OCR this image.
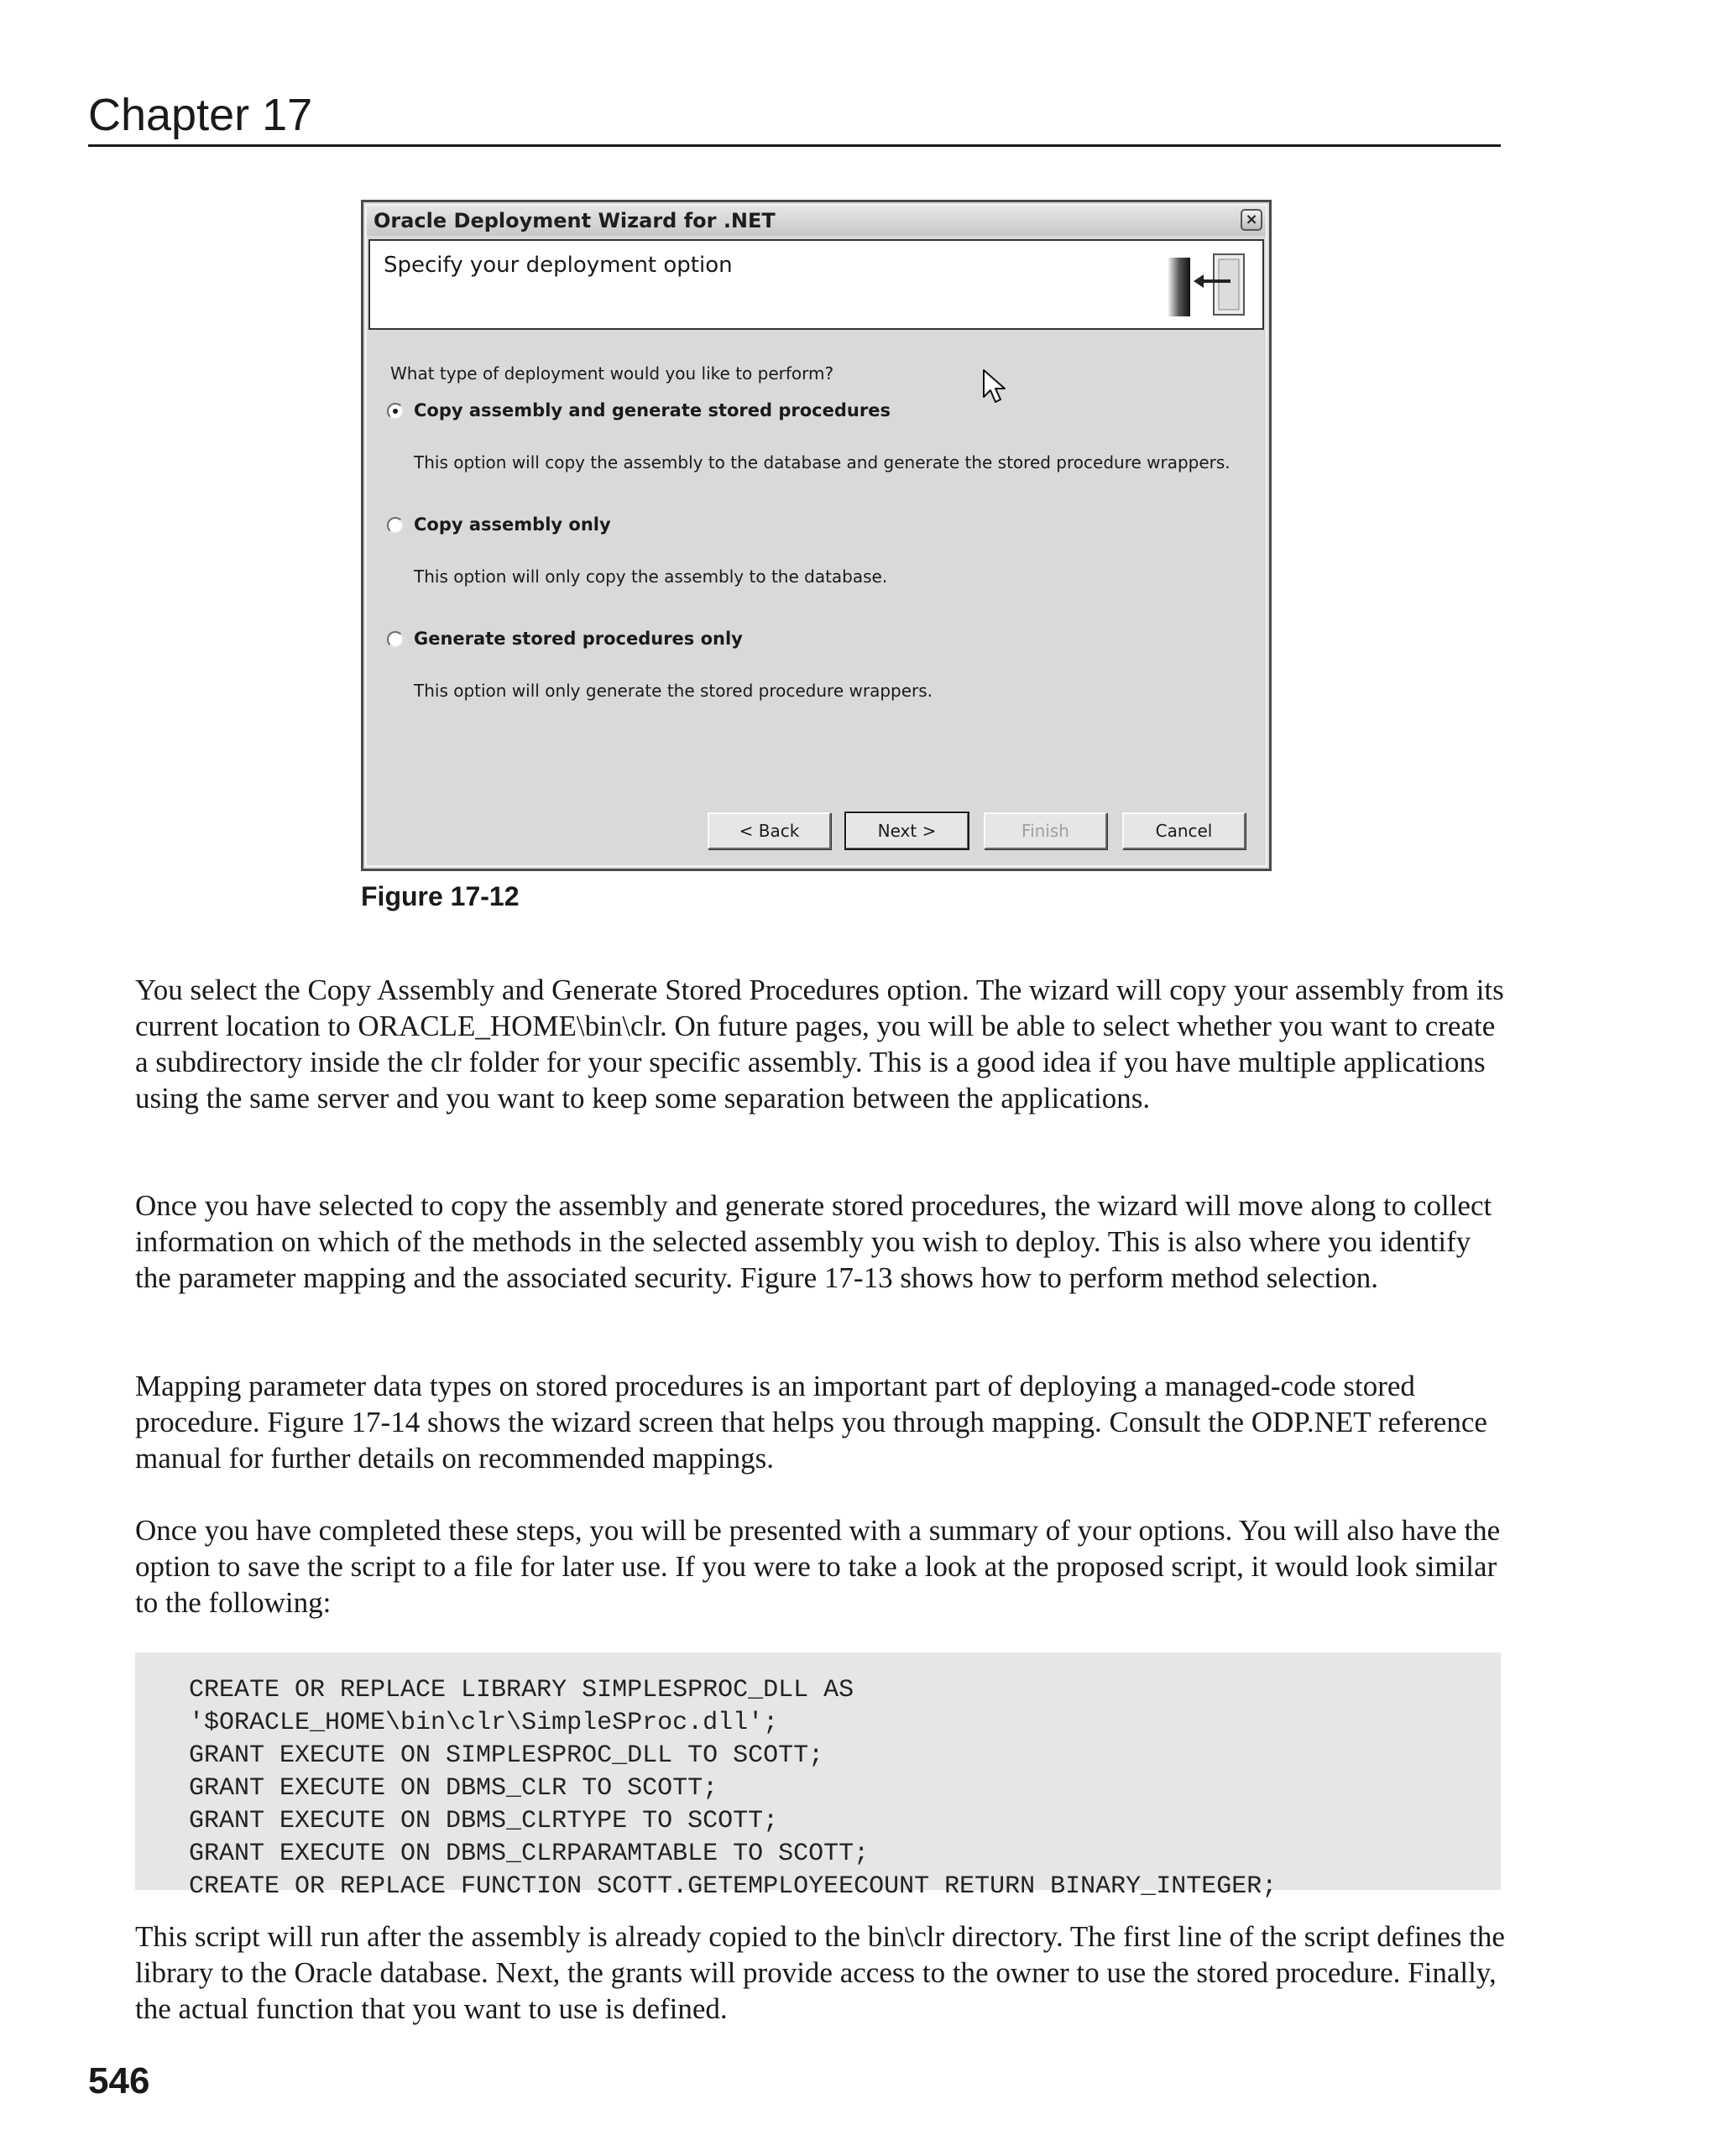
Chapter 17
Oracle Deployment Wizard for .NET	×
Specify your deployment option
What type of deployment would you like to perform?
Copy assembly and generate stored procedures
This option will copy the assembly to the database and generate the stored procedure wrappers.
Copy assembly only
This option will only copy the assembly to the database.
Generate stored procedures only
This option will only generate the stored procedure wrappers.
< Back	Next >	Finish	Cancel
Figure 17-12

You select the Copy Assembly and Generate Stored Procedures option. The wizard will copy your assembly from its current location to ORACLE_HOME\bin\clr. On future pages, you will be able to select whether you want to create a subdirectory inside the clr folder for your specific assembly. This is a good idea if you have multiple applications using the same server and you want to keep some separation between the applications.

Once you have selected to copy the assembly and generate stored procedures, the wizard will move along to collect information on which of the methods in the selected assembly you wish to deploy. This is also where you identify the parameter mapping and the associated security. Figure 17-13 shows how to perform method selection.

Mapping parameter data types on stored procedures is an important part of deploying a managed-code stored procedure. Figure 17-14 shows the wizard screen that helps you through mapping. Consult the ODP.NET reference manual for further details on recommended mappings.

Once you have completed these steps, you will be presented with a summary of your options. You will also have the option to save the script to a file for later use. If you were to take a look at the proposed script, it would look similar to the following:

CREATE OR REPLACE LIBRARY SIMPLESPROC_DLL AS
'$ORACLE_HOME\bin\clr\SimpleSProc.dll';
GRANT EXECUTE ON SIMPLESPROC_DLL TO SCOTT;
GRANT EXECUTE ON DBMS_CLR TO SCOTT;
GRANT EXECUTE ON DBMS_CLRTYPE TO SCOTT;
GRANT EXECUTE ON DBMS_CLRPARAMTABLE TO SCOTT;
CREATE OR REPLACE FUNCTION SCOTT.GETEMPLOYEECOUNT RETURN BINARY_INTEGER;

This script will run after the assembly is already copied to the bin\clr directory. The first line of the script defines the library to the Oracle database. Next, the grants will provide access to the owner to use the stored procedure. Finally, the actual function that you want to use is defined.

546
